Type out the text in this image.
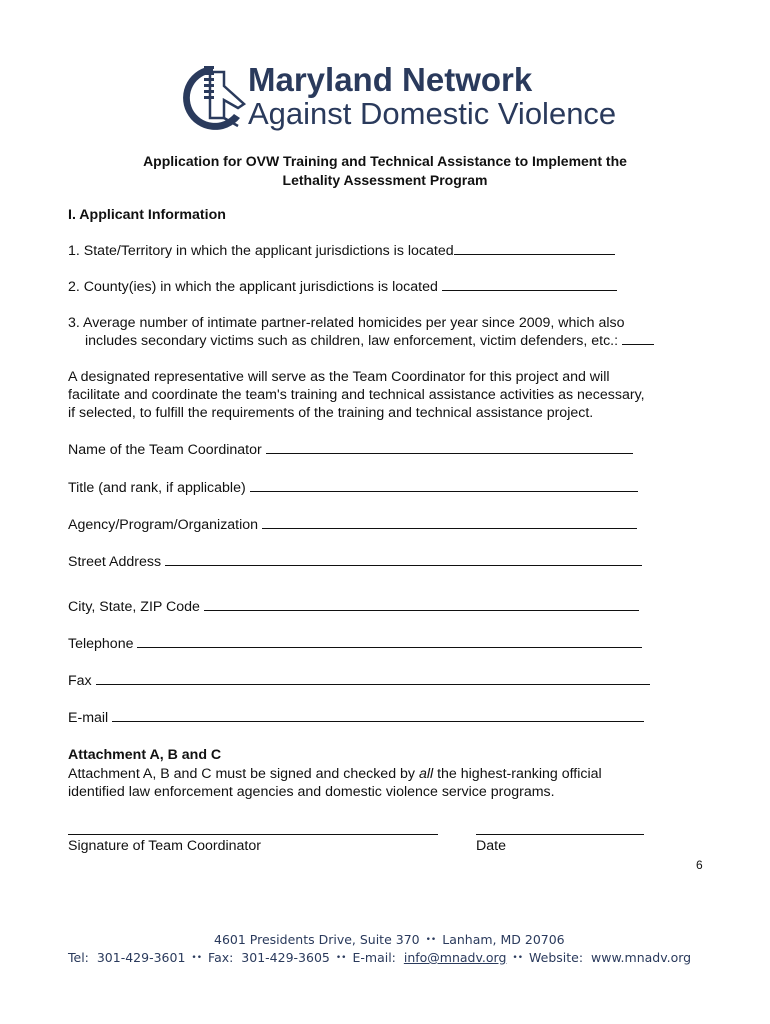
Maryland Network
Against Domestic Violence
Application for OVW Training and Technical Assistance to Implement the
Lethality Assessment Program
I. Applicant Information
1. State/Territory in which the applicant jurisdictions is located
2. County(ies) in which the applicant jurisdictions is located
3. Average number of intimate partner-related homicides per year since 2009, which also
includes secondary victims such as children, law enforcement, victim defenders, etc.:
A designated representative will serve as the Team Coordinator for this project and will
facilitate and coordinate the team's training and technical assistance activities as necessary,
if selected, to fulfill the requirements of the training and technical assistance project.
Name of the Team Coordinator
Title (and rank, if applicable)
Agency/Program/Organization
Street Address
City, State, ZIP Code
Telephone
Fax
E-mail
Attachment A, B and C
Attachment A, B and C must be signed and checked by all the highest-ranking official
identified law enforcement agencies and domestic violence service programs.
Signature of Team Coordinator	Date
6
4601 Presidents Drive, Suite 370 •• Lanham, MD 20706
Tel: 301-429-3601 •• Fax: 301-429-3605 •• E-mail: info@mnadv.org •• Website: www.mnadv.org
